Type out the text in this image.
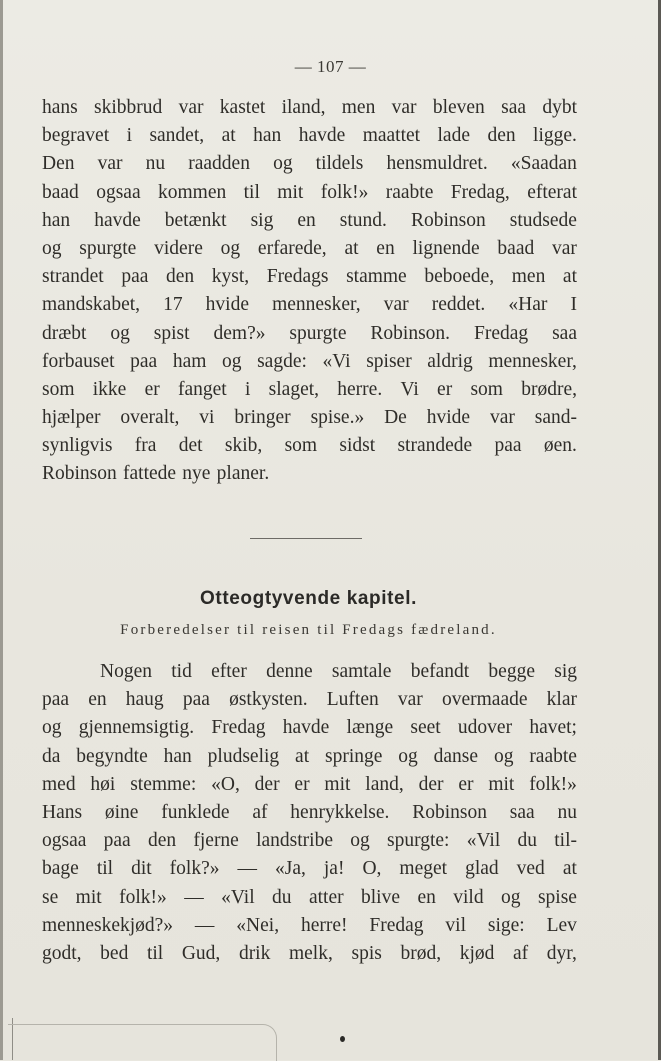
— 107 —
hans skibbrud var kastet iland, men var bleven saa dybt
begravet i sandet, at han havde maattet lade den ligge.
Den var nu raadden og tildels hensmuldret. «Saadan
baad ogsaa kommen til mit folk!» raabte Fredag, efterat
han havde betænkt sig en stund. Robinson studsede
og spurgte videre og erfarede, at en lignende baad var
strandet paa den kyst, Fredags stamme beboede, men at
mandskabet, 17 hvide mennesker, var reddet. «Har I
dræbt og spist dem?» spurgte Robinson. Fredag saa
forbauset paa ham og sagde: «Vi spiser aldrig mennesker,
som ikke er fanget i slaget, herre. Vi er som brødre,
hjælper overalt, vi bringer spise.» De hvide var sand-
synligvis fra det skib, som sidst strandede paa øen.
Robinson fattede nye planer.
Otteogtyvende kapitel.
Forberedelser til reisen til Fredags fædreland.
Nogen tid efter denne samtale befandt begge sig
paa en haug paa østkysten. Luften var overmaade klar
og gjennemsigtig. Fredag havde længe seet udover havet;
da begyndte han pludselig at springe og danse og raabte
med høi stemme: «O, der er mit land, der er mit folk!»
Hans øine funklede af henrykkelse. Robinson saa nu
ogsaa paa den fjerne landstribe og spurgte: «Vil du til-
bage til dit folk?» — «Ja, ja! O, meget glad ved at
se mit folk!» — «Vil du atter blive en vild og spise
menneskekjød?» — «Nei, herre! Fredag vil sige: Lev
godt, bed til Gud, drik melk, spis brød, kjød af dyr,
